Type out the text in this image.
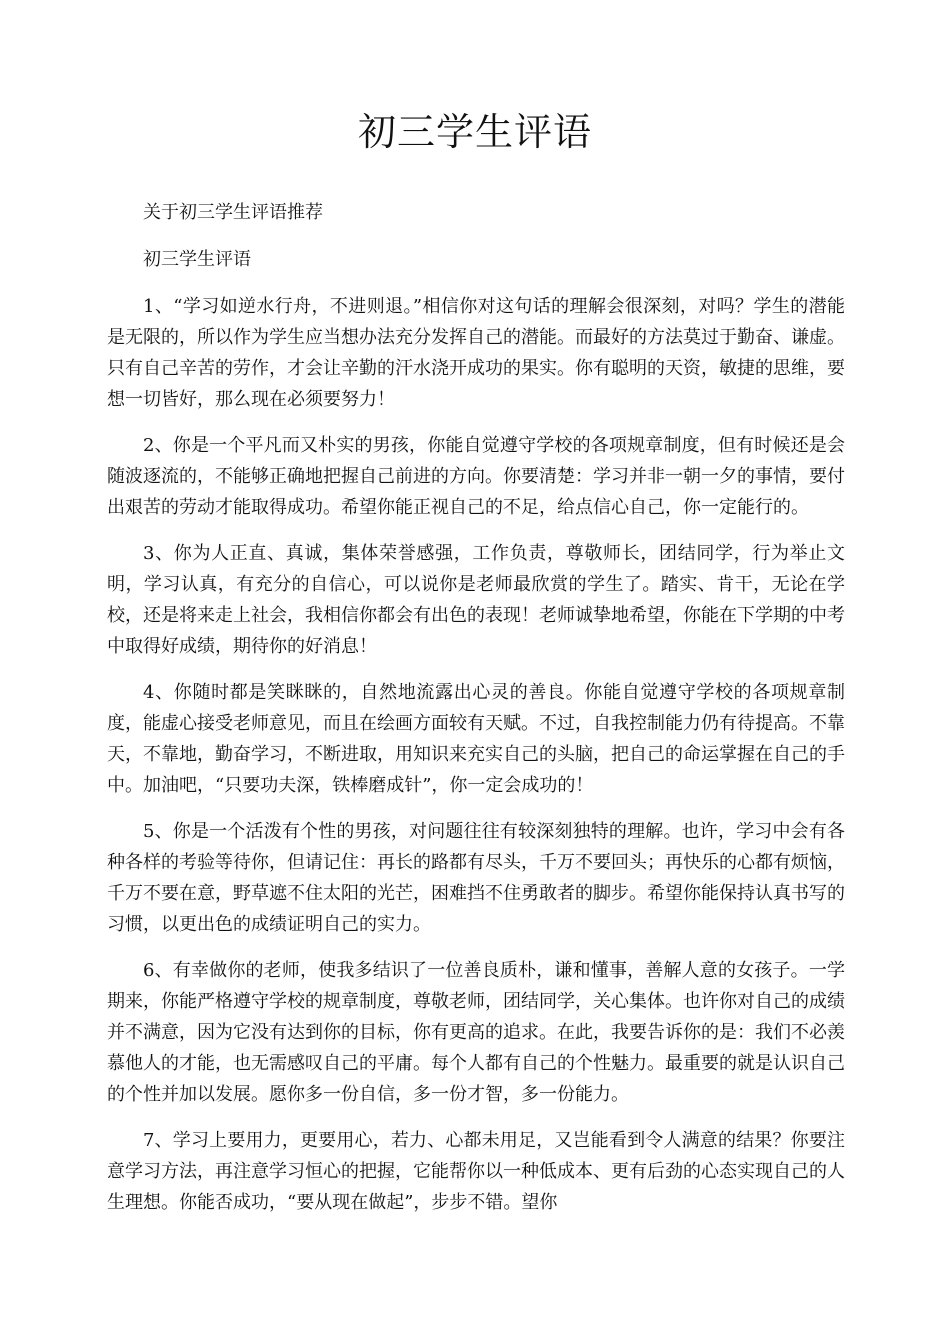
初三学生评语

关于初三学生评语推荐

初三学生评语

1、“学习如逆水行舟，不进则退。”相信你对这句话的理解会很深刻，对吗？学生的潜能是无限的，所以作为学生应当想办法充分发挥自己的潜能。而最好的方法莫过于勤奋、谦虚。只有自己辛苦的劳作，才会让辛勤的汗水浇开成功的果实。你有聪明的天资，敏捷的思维，要想一切皆好，那么现在必须要努力！

2、你是一个平凡而又朴实的男孩，你能自觉遵守学校的各项规章制度，但有时候还是会随波逐流的，不能够正确地把握自己前进的方向。你要清楚：学习并非一朝一夕的事情，要付出艰苦的劳动才能取得成功。希望你能正视自己的不足，给点信心自己，你一定能行的。

3、你为人正直、真诚，集体荣誉感强，工作负责，尊敬师长，团结同学，行为举止文明，学习认真，有充分的自信心，可以说你是老师最欣赏的学生了。踏实、肯干，无论在学校，还是将来走上社会，我相信你都会有出色的表现！老师诚挚地希望，你能在下学期的中考中取得好成绩，期待你的好消息！

4、你随时都是笑眯眯的，自然地流露出心灵的善良。你能自觉遵守学校的各项规章制度，能虚心接受老师意见，而且在绘画方面较有天赋。不过，自我控制能力仍有待提高。不靠天，不靠地，勤奋学习，不断进取，用知识来充实自己的头脑，把自己的命运掌握在自己的手中。加油吧，“只要功夫深，铁棒磨成针”，你一定会成功的！

5、你是一个活泼有个性的男孩，对问题往往有较深刻独特的理解。也许，学习中会有各种各样的考验等待你，但请记住：再长的路都有尽头，千万不要回头；再快乐的心都有烦恼，千万不要在意，野草遮不住太阳的光芒，困难挡不住勇敢者的脚步。希望你能保持认真书写的习惯，以更出色的成绩证明自己的实力。

6、有幸做你的老师，使我多结识了一位善良质朴，谦和懂事，善解人意的女孩子。一学期来，你能严格遵守学校的规章制度，尊敬老师，团结同学，关心集体。也许你对自己的成绩并不满意，因为它没有达到你的目标，你有更高的追求。在此，我要告诉你的是：我们不必羡慕他人的才能，也无需感叹自己的平庸。每个人都有自己的个性魅力。最重要的就是认识自己的个性并加以发展。愿你多一份自信，多一份才智，多一份能力。

7、学习上要用力，更要用心，若力、心都未用足，又岂能看到令人满意的结果？你要注意学习方法，再注意学习恒心的把握，它能帮你以一种低成本、更有后劲的心态实现自己的人生理想。你能否成功，“要从现在做起”，步步不错。望你
